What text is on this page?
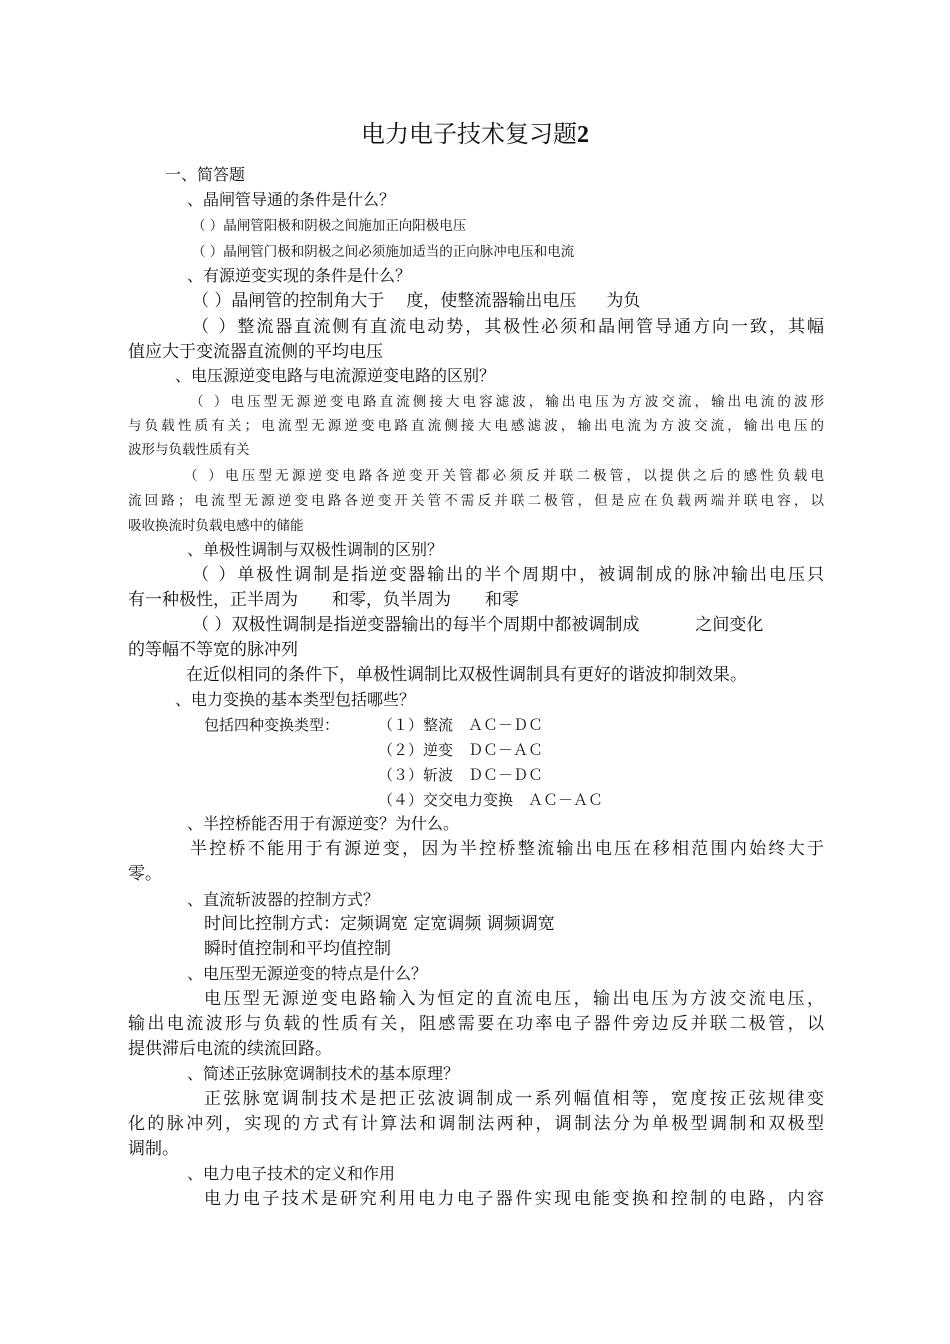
电力电子技术复习题2
一、简答题
、晶闸管导通的条件是什么？
（ ）晶闸管阳极和阴极之间施加正向阳极电压
（ ）晶闸管门极和阴极之间必须施加适当的正向脉冲电压和电流
、有源逆变实现的条件是什么？
（ ）晶闸管的控制角大于 度，使整流器输出电压 为负
（ ）整流器直流侧有直流电动势，其极性必须和晶闸管导通方向一致，其幅
值应大于变流器直流侧的平均电压
、电压源逆变电路与电流源逆变电路的区别？
（ ）电压型无源逆变电路直流侧接大电容滤波，输出电压为方波交流，输出电流的波形
与负载性质有关；电流型无源逆变电路直流侧接大电感滤波，输出电流为方波交流，输出电压的
波形与负载性质有关
（ ）电压型无源逆变电路各逆变开关管都必须反并联二极管，以提供之后的感性负载电
流回路；电流型无源逆变电路各逆变开关管不需反并联二极管，但是应在负载两端并联电容，以
吸收换流时负载电感中的储能
、单极性调制与双极性调制的区别？
（ ）单极性调制是指逆变器输出的半个周期中，被调制成的脉冲输出电压只
有一种极性，正半周为 和零，负半周为 和零
（ ）双极性调制是指逆变器输出的每半个周期中都被调制成	之间变化
的等幅不等宽的脉冲列
在近似相同的条件下，单极性调制比双极性调制具有更好的谐波抑制效果。
、电力变换的基本类型包括哪些？
包括四种变换类型：	（１）整流　ＡＣ－ＤＣ
（２）逆变　ＤＣ－ＡＣ
（３）斩波　ＤＣ－ＤＣ
（４）交交电力变换　ＡＣ－ＡＣ
、半控桥能否用于有源逆变？为什么。
半控桥不能用于有源逆变，因为半控桥整流输出电压在移相范围内始终大于
零。
、直流斩波器的控制方式？
时间比控制方式：定频调宽 定宽调频 调频调宽
瞬时值控制和平均值控制
、电压型无源逆变的特点是什么？
电压型无源逆变电路输入为恒定的直流电压，输出电压为方波交流电压，
输出电流波形与负载的性质有关，阻感需要在功率电子器件旁边反并联二极管，以
提供滞后电流的续流回路。
、简述正弦脉宽调制技术的基本原理？
正弦脉宽调制技术是把正弦波调制成一系列幅值相等，宽度按正弦规律变
化的脉冲列，实现的方式有计算法和调制法两种，调制法分为单极型调制和双极型
调制。
、电力电子技术的定义和作用
电力电子技术是研究利用电力电子器件实现电能变换和控制的电路，内容
